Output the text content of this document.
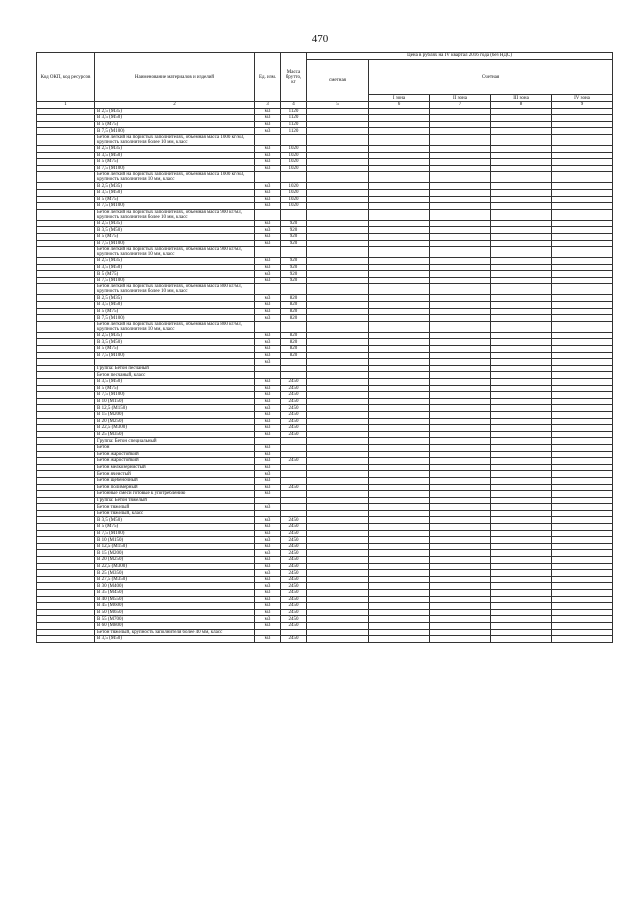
470
Код ОКП, код ресурсов	Наименование материалов и изделий	Ед. изм.	Масса брутто, кг	Цена в рублях на IV квартал 2016 года (без НДС)				
				сметная	Счетная			
					I зона	II зона	III зона	IV зона
1	2	3	4	5	6	7	8	9
	В 2,5 (М35)	м3	1120					
	В 3,5 (М50)	м3	1120					
	В 5 (М75)	м3	1120					
	В 7,5 (М100)	м3	1120					
	Бетон легкий на пористых заполнителях, объемная масса 1000 кг/м3, крупность заполнителя более 10 мм, класс							
	В 2,5 (М35)	м3	1020					
	В 3,5 (М50)	м3	1020					
	В 5 (М75)	м3	1020					
	В 7,5 (М100)	м3	1020					
	Бетон легкий на пористых заполнителях, объемная масса 1000 кг/м3, крупность заполнителя 10 мм, класс							
	В 2,5 (М35)	м3	1020					
	В 3,5 (М50)	м3	1020					
	В 5 (М75)	м3	1020					
	В 7,5 (М100)	м3	1020					
	Бетон легкий на пористых заполнителях, объемная масса 900 кг/м3, крупность заполнителя более 10 мм, класс							
	В 2,5 (М35)	м3	920					
	В 3,5 (М50)	м3	920					
	В 5 (М75)	м3	920					
	В 7,5 (М100)	м3	920					
	Бетон легкий на пористых заполнителях, объемная масса 900 кг/м3, крупность заполнителя 10 мм, класс							
	В 2,5 (М35)	м3	920					
	В 3,5 (М50)	м3	920					
	В 5 (М75)	м3	920					
	В 7,5 (М100)	м3	920					
	Бетон легкий на пористых заполнителях, объемная масса 800 кг/м3, крупность заполнителя более 10 мм, класс							
	В 2,5 (М35)	м3	820					
	В 3,5 (М50)	м3	820					
	В 5 (М75)	м3	820					
	В 7,5 (М100)	м3	820					
	Бетон легкий на пористых заполнителях, объемная масса 800 кг/м3, крупность заполнителя 10 мм, класс							
	В 2,5 (М35)	м3	820					
	В 3,5 (М50)	м3	820					
	В 5 (М75)	м3	820					
	В 7,5 (М100)	м3	820					
		м3						
	Группа: Бетон песчаный							
	Бетон песчаный, класс							
	В 3,5 (М50)	м3	2450					
	В 5 (М75)	м3	2450					
	В 7,5 (М100)	м3	2450					
	В 10 (М150)	м3	2450					
	В 12,5 (М150)	м3	2450					
	В 15 (М200)	м3	2450					
	В 20 (М250)	м3	2450					
	В 22,5 (М300)	м3	2450					
	В 25 (М350)	м3	2450					
	Группа: Бетон специальный							
	Бетон	м3						
	Бетон жаростойкий	м3						
	Бетон жаростойкий	м3	2450					
	Бетон мелкозернистый	м3						
	Бетон ячеистый	м3						
	Бетон щебеночный	м3						
	Бетон полимерный	м3	2450					
	Бетонные смеси готовые к употреблению	м3						
	Группа: Бетон тяжелый							
	Бетон тяжелый	м3						
	Бетон тяжелый, класс							
	В 3,5 (М50)	м3	2450					
	В 5 (М75)	м3	2450					
	В 7,5 (М100)	м3	2450					
	В 10 (М150)	м3	2450					
	В 12,5 (М150)	м3	2450					
	В 15 (М200)	м3	2450					
	В 20 (М250)	м3	2450					
	В 22,5 (М300)	м3	2450					
	В 25 (М350)	м3	2450					
	В 27,5 (М350)	м3	2450					
	В 30 (М400)	м3	2450					
	В 35 (М450)	м3	2450					
	В 40 (М550)	м3	2450					
	В 45 (М600)	м3	2450					
	В 50 (М650)	м3	2450					
	В 55 (М700)	м3	2450					
	В 60 (М800)	м3	2450					
	Бетон тяжелый, крупность заполнителя более 40 мм, класс							
	В 3,5 (М50)	м3	2450					
